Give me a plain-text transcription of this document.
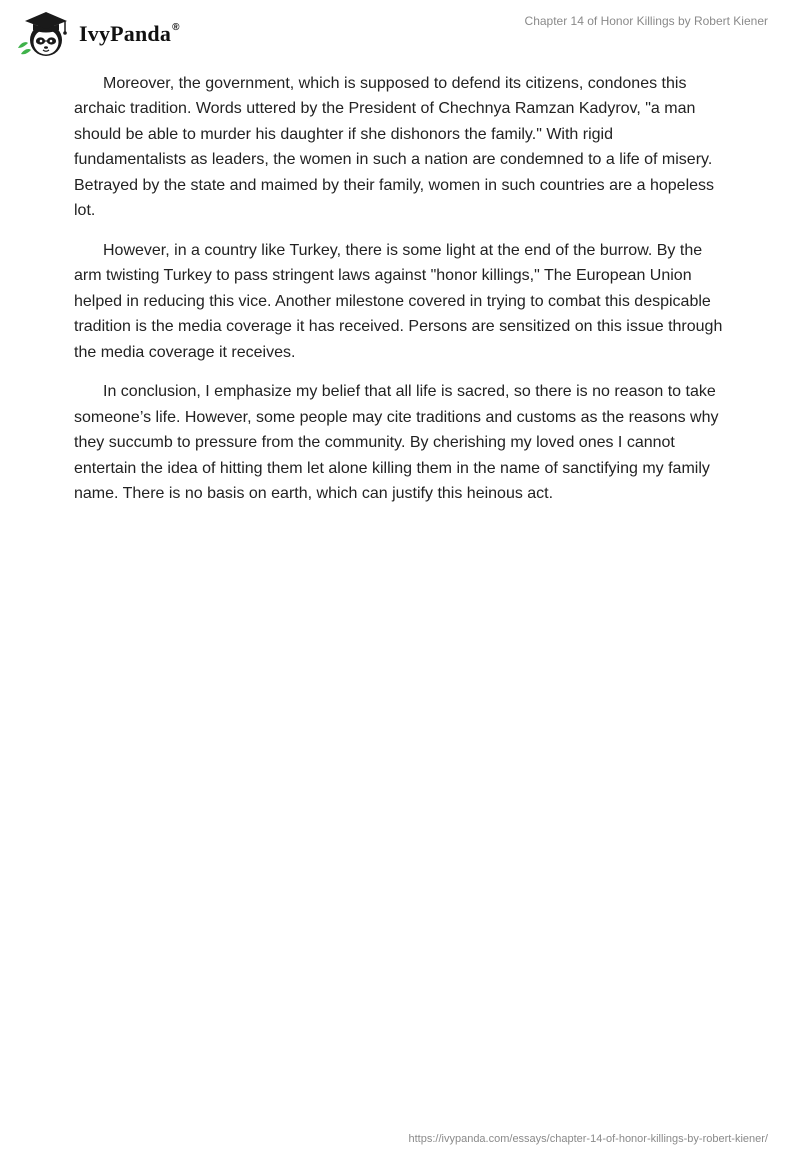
IvyPanda®	Chapter 14 of Honor Killings by Robert Kiener

Moreover, the government, which is supposed to defend its citizens, condones this archaic tradition. Words uttered by the President of Chechnya Ramzan Kadyrov, "a man should be able to murder his daughter if she dishonors the family." With rigid fundamentalists as leaders, the women in such a nation are condemned to a life of misery. Betrayed by the state and maimed by their family, women in such countries are a hopeless lot.

However, in a country like Turkey, there is some light at the end of the burrow. By the arm twisting Turkey to pass stringent laws against "honor killings," The European Union helped in reducing this vice. Another milestone covered in trying to combat this despicable tradition is the media coverage it has received. Persons are sensitized on this issue through the media coverage it receives.

In conclusion, I emphasize my belief that all life is sacred, so there is no reason to take someone’s life. However, some people may cite traditions and customs as the reasons why they succumb to pressure from the community. By cherishing my loved ones I cannot entertain the idea of hitting them let alone killing them in the name of sanctifying my family name. There is no basis on earth, which can justify this heinous act.

https://ivypanda.com/essays/chapter-14-of-honor-killings-by-robert-kiener/
